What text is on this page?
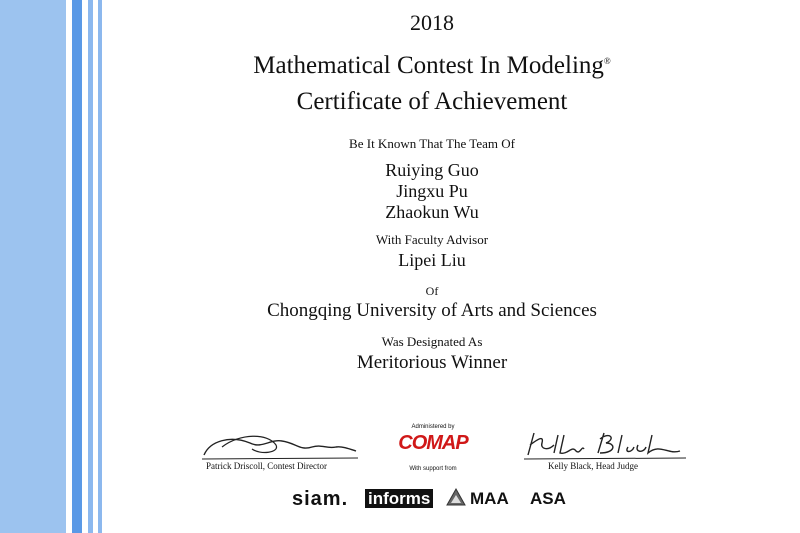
2018
Mathematical Contest In Modeling®
Certificate of Achievement
Be It Known That The Team Of
Ruiying Guo
Jingxu Pu
Zhaokun Wu
With Faculty Advisor
Lipei Liu
Of
Chongqing University of Arts and Sciences
Was Designated As
Meritorious Winner
Patrick Driscoll, Contest Director
Administered by
COMAP
With support from	Kelly Black, Head Judge
siam. informs MAA ASA
